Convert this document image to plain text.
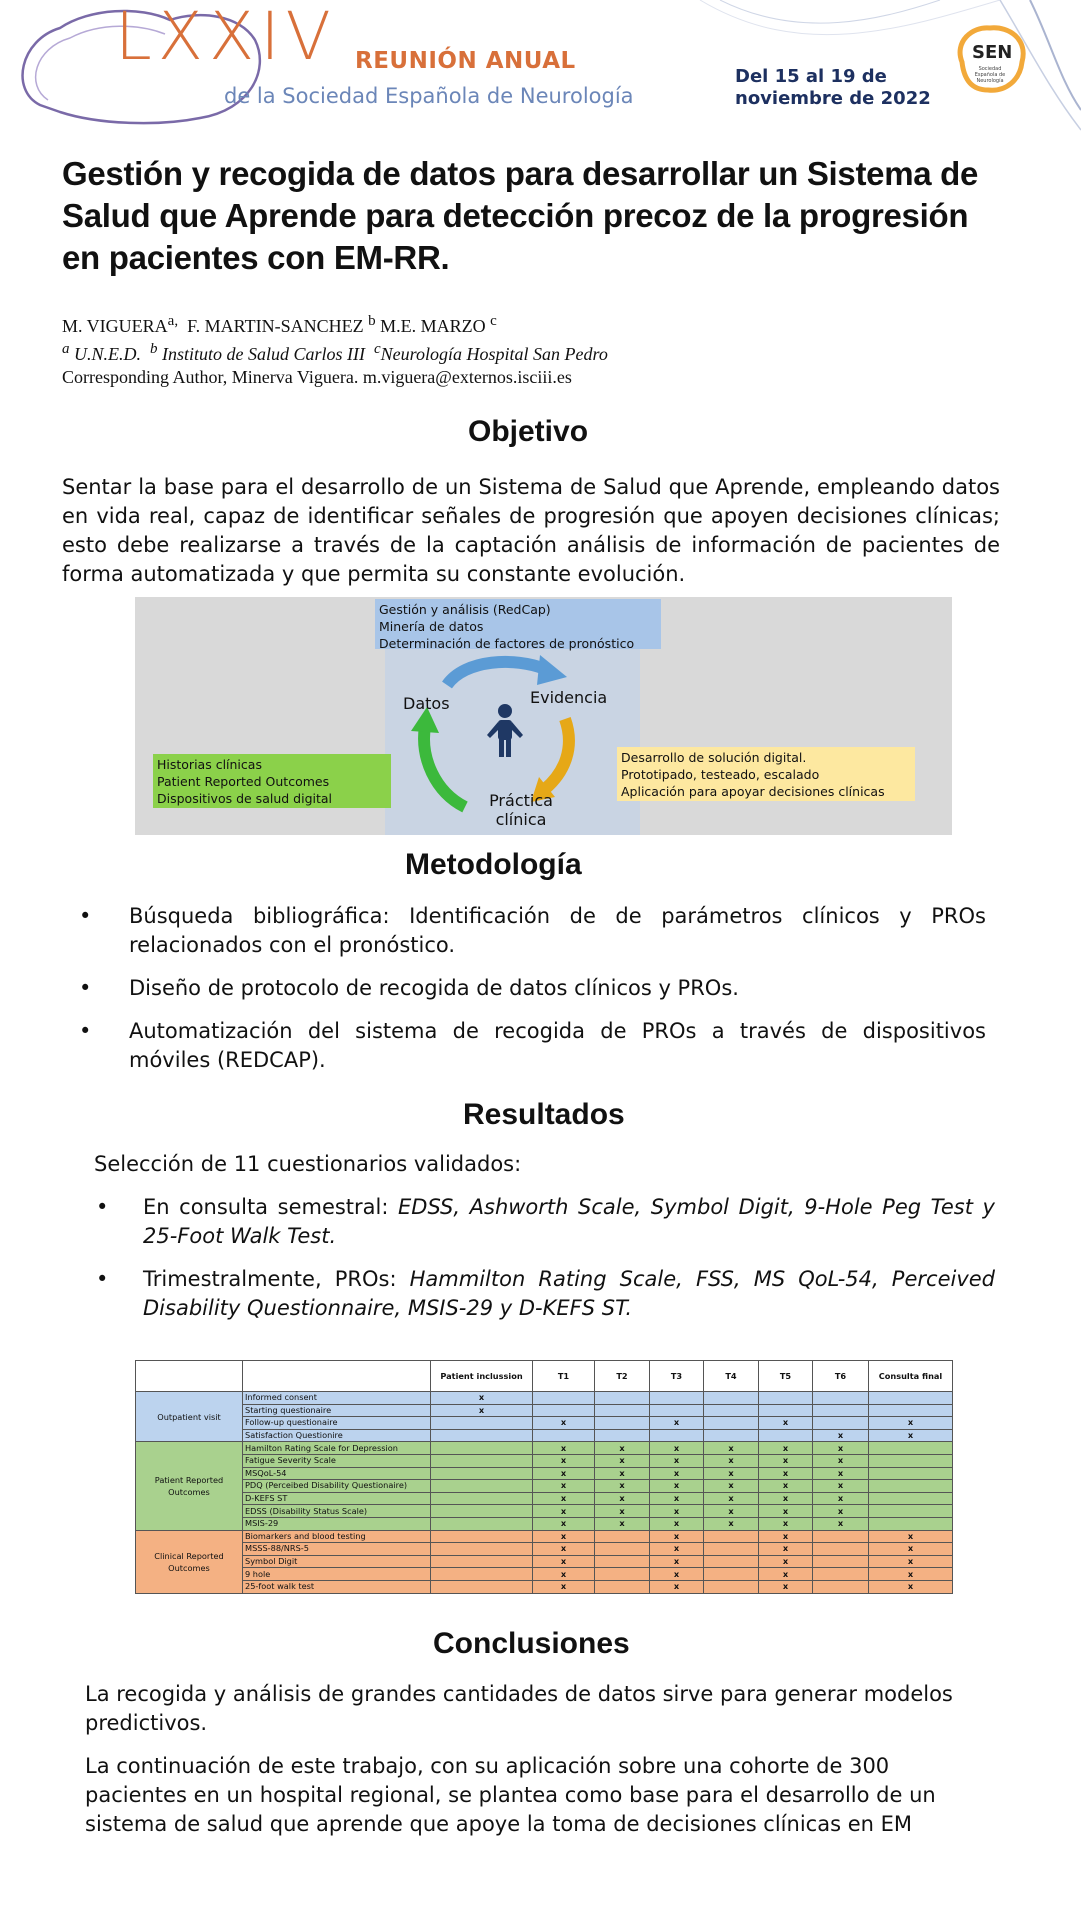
LXXIV REUNIÓN ANUAL
de la Sociedad Española de Neurología
Del 15 al 19 de
noviembre de 2022
SEN
Sociedad Española de Neurología
Gestión y recogida de datos para desarrollar un Sistema de
Salud que Aprende para detección precoz de la progresión
en pacientes con EM-RR.
M. $VIGUERA^{a,}$ F. MARTIN-SANCHEZ $^b$ M.E. MARZO $^c$
$^a$ U.N.E.D. $^b$ Instituto de Salud Carlos III $^c$Neurología Hospital San Pedro
Corresponding Author, Minerva Viguera. m.viguera@externos.isciii.es
Objetivo
Sentar la base para el desarrollo de un Sistema de Salud que Aprende, empleando datos en vida real, capaz de identificar señales de progresión que apoyen decisiones clínicas; esto debe realizarse a través de la captación análisis de información de pacientes de forma automatizada y que permita su constante evolución.
Gestión y análisis (RedCap)
Minería de datos
Determinación de factores de pronóstico
Historias clínicas
Patient Reported Outcomes
Dispositivos de salud digital
Desarrollo de solución digital.
Prototipado, testeado, escalado
Aplicación para apoyar decisiones clínicas
Datos	Evidencia
Práctica
clínica
Metodología
• Búsqueda bibliográfica: Identificación de de parámetros clínicos y PROs relacionados con el pronóstico.
• Diseño de protocolo de recogida de datos clínicos y PROs.
• Automatización del sistema de recogida de PROs a través de dispositivos móviles (REDCAP).
Resultados
Selección de 11 cuestionarios validados:
• En consulta semestral: EDSS, Ashworth Scale, Symbol Digit, 9-Hole Peg Test y 25-Foot Walk Test.
• Trimestralmente, PROs: Hammilton Rating Scale, FSS, MS QoL-54, Perceived Disability Questionnaire, MSIS-29 y D-KEFS ST.
		Patient inclussion	T1	T2	T3	T4	T5	T6	Consulta final
Outpatient visit	Informed consent	x							
	Starting questionaire	x							
	Follow-up questionaire		x		x		x		x
	Satisfaction Questionire							x	x
Patient Reported Outcomes	Hamilton Rating Scale for Depression		x	x	x	x	x	x	
	Fatigue Severity Scale		x	x	x	x	x	x	
	MSQoL-54		x	x	x	x	x	x	
	PDQ (Perceibed Disability Questionaire)		x	x	x	x	x	x	
	D-KEFS ST		x	x	x	x	x	x	
	EDSS (Disability Status Scale)		x	x	x	x	x	x	
	MSIS-29		x	x	x	x	x	x	
Clinical Reported Outcomes	Biomarkers and blood testing		x		x		x		x
	MSSS-88/NRS-5		x		x		x		x
	Symbol Digit		x		x		x		x
	9 hole		x		x		x		x
	25-foot walk test		x		x		x		x
Conclusiones
La recogida y análisis de grandes cantidades de datos sirve para generar modelos predictivos.
La continuación de este trabajo, con su aplicación sobre una cohorte de 300 pacientes en un hospital regional, se plantea como base para el desarrollo de un sistema de salud que aprende que apoye la toma de decisiones clínicas en EM
